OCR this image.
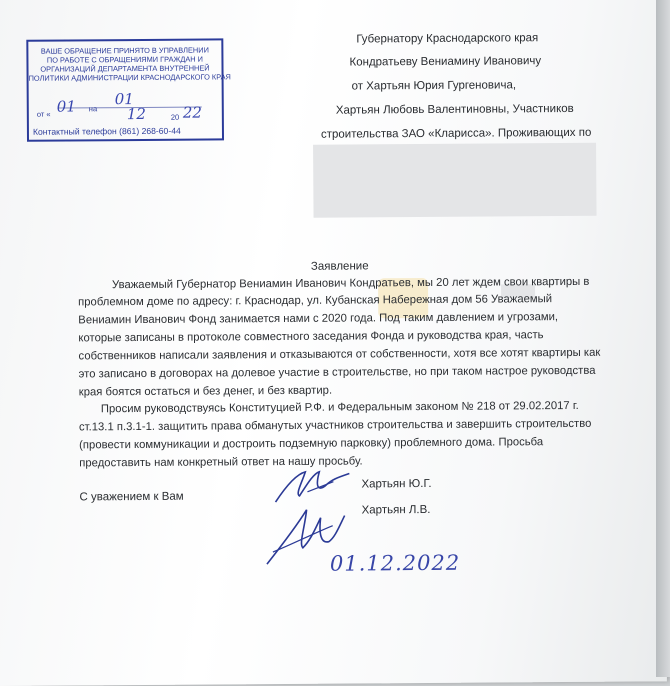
ВАШЕ ОБРАЩЕНИЕ ПРИНЯТО В УПРАВЛЕНИИ
ПО РАБОТЕ С ОБРАЩЕНИЯМИ ГРАЖДАН И
ОРГАНИЗАЦИЙ ДЕПАРТАМЕНТА ВНУТРЕННЕЙ
ПОЛИТИКИ АДМИНИСТРАЦИИ КРАСНОДАРСКОГО КРАЯ
от « 01 на
01
12	20 22
Контактный телефон (861) 268-60-44
Губернатору Краснодарского края
Кондратьеву Вениамину Ивановичу
от Хартьян Юрия Гургеновича,
Хартьян Любовь Валентиновны, Участников
строительства ЗАО «Кларисса». Проживающих по
Заявление
Уважаемый Губернатор Вениамин Иванович Кондратьев, мы 20 лет ждем свои квартиры в
проблемном доме по адресу: г. Краснодар, ул. Кубанская Набережная дом 56 Уважаемый
Вениамин Иванович Фонд занимается нами с 2020 года. Под таким давлением и угрозами,
которые записаны в протоколе совместного заседания Фонда и руководства края, часть
собственников написали заявления и отказываются от собственности, хотя все хотят квартиры как
это записано в договорах на долевое участие в строительстве, но при таком настрое руководства
края боятся остаться и без денег, и без квартир.
Просим руководствуясь Конституцией Р.Ф. и Федеральным законом № 218 от 29.02.2017 г.
ст.13.1 п.3.1-1. защитить права обманутых участников строительства и завершить строительство
(провести коммуникации и достроить подземную парковку) проблемного дома. Просьба
предоставить нам конкретный ответ на нашу просьбу.
С уважением к Вам
Хартьян Ю.Г.
Хартьян Л.В.
01.12.2022
